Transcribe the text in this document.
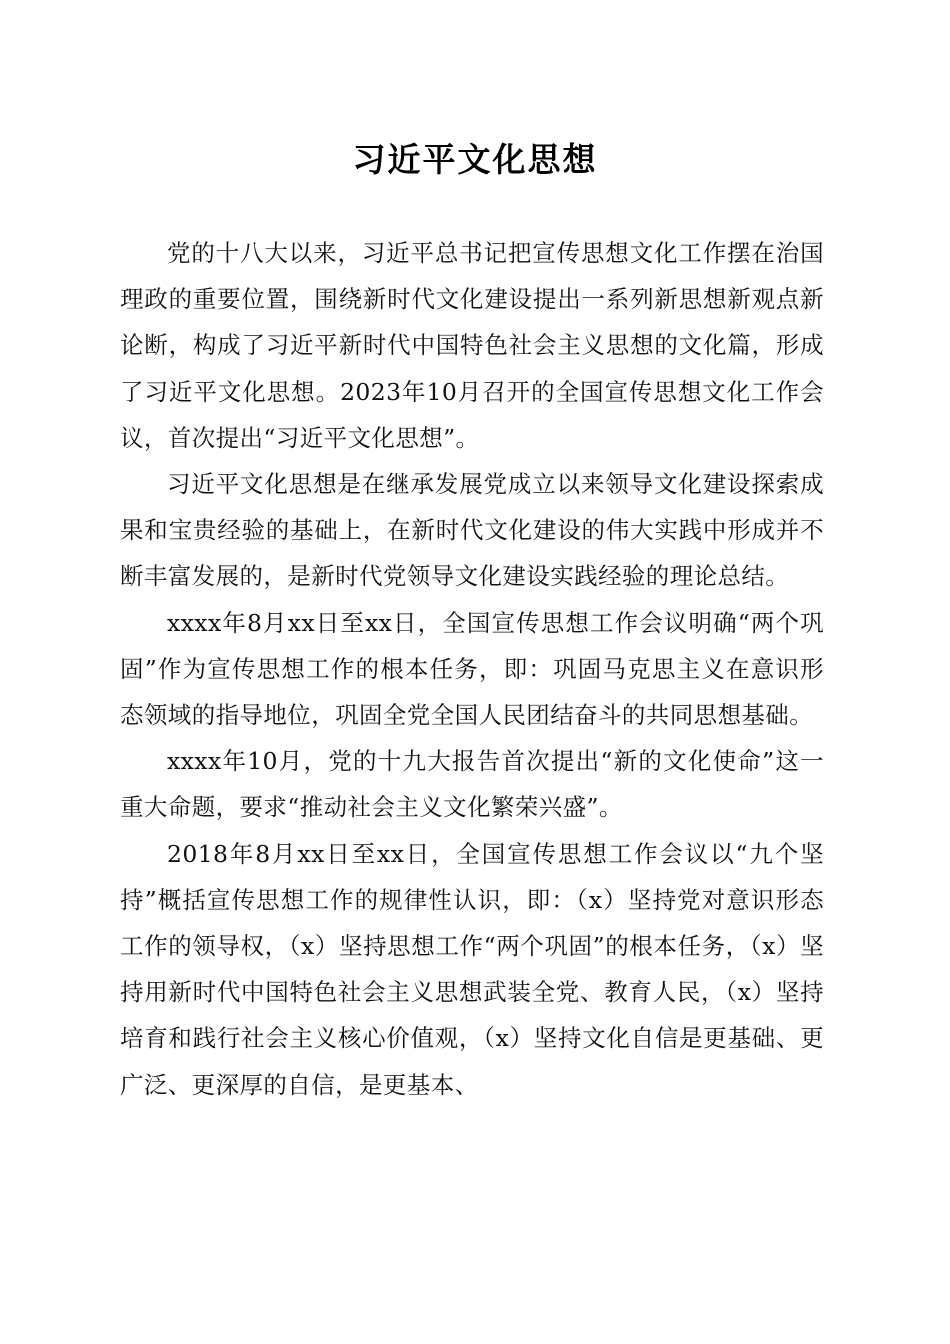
习近平文化思想

党的十八大以来，习近平总书记把宣传思想文化工作摆在治国理政的重要位置，围绕新时代文化建设提出一系列新思想新观点新论断，构成了习近平新时代中国特色社会主义思想的文化篇，形成了习近平文化思想。2023年10月召开的全国宣传思想文化工作会议，首次提出“习近平文化思想”。

习近平文化思想是在继承发展党成立以来领导文化建设探索成果和宝贵经验的基础上，在新时代文化建设的伟大实践中形成并不断丰富发展的，是新时代党领导文化建设实践经验的理论总结。

xxxx年8月xx日至xx日，全国宣传思想工作会议明确“两个巩固”作为宣传思想工作的根本任务，即：巩固马克思主义在意识形态领域的指导地位，巩固全党全国人民团结奋斗的共同思想基础。

xxxx年10月，党的十九大报告首次提出“新的文化使命”这一重大命题，要求“推动社会主义文化繁荣兴盛”。

2018年8月xx日至xx日，全国宣传思想工作会议以“九个坚持”概括宣传思想工作的规律性认识，即：（x）坚持党对意识形态工作的领导权，（x）坚持思想工作“两个巩固”的根本任务，（x）坚持用新时代中国特色社会主义思想武装全党、教育人民，（x）坚持培育和践行社会主义核心价值观，（x）坚持文化自信是更基础、更广泛、更深厚的自信，是更基本、
